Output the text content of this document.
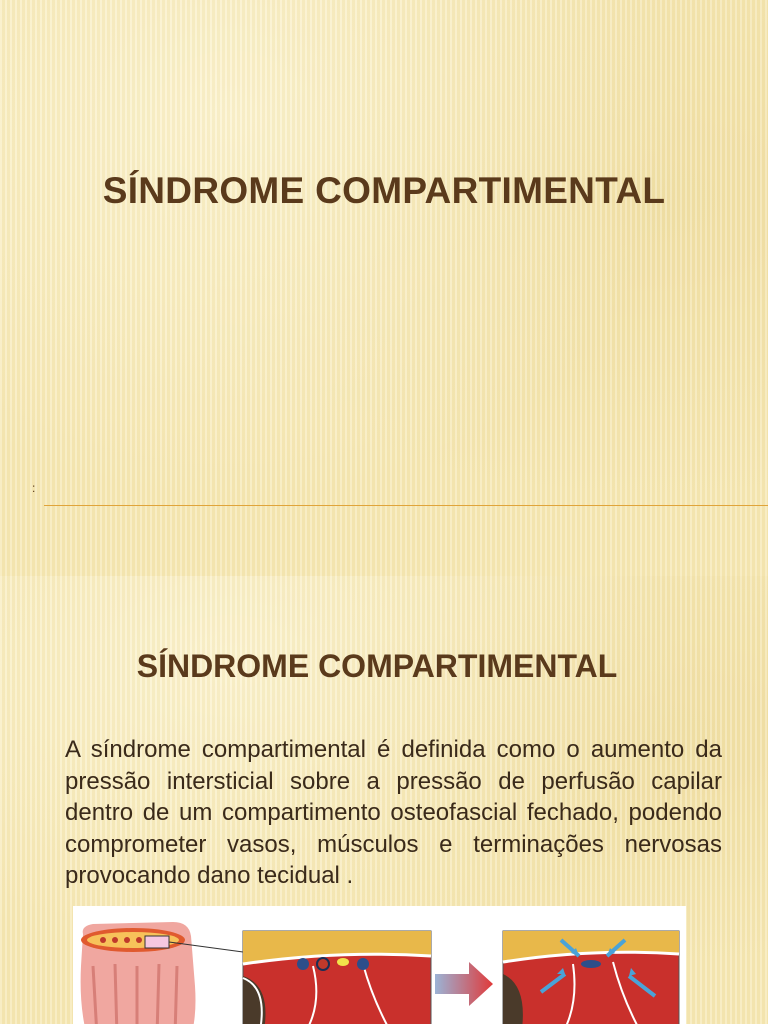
SÍNDROME COMPARTIMENTAL
:
SÍNDROME COMPARTIMENTAL
A síndrome compartimental é definida como o aumento da pressão intersticial sobre a pressão de perfusão capilar dentro de um compartimento osteofascial fechado, podendo comprometer vasos, músculos e terminações nervosas provocando dano tecidual .
